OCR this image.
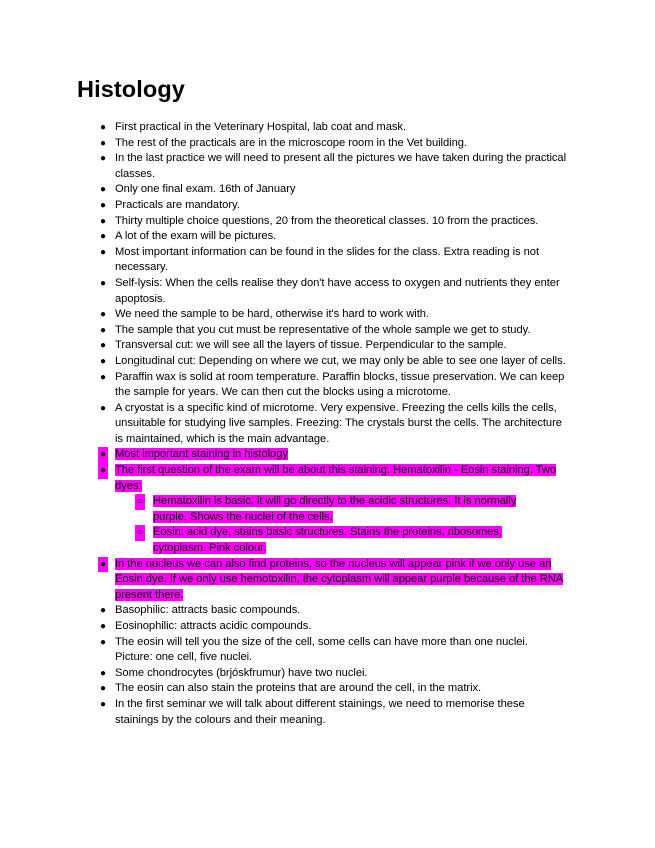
Histology
● First practical in the Veterinary Hospital, lab coat and mask.
● The rest of the practicals are in the microscope room in the Vet building.
● In the last practice we will need to present all the pictures we have taken during the practical classes.
● Only one final exam. 16th of January
● Practicals are mandatory.
● Thirty multiple choice questions, 20 from the theoretical classes. 10 from the practices.
● A lot of the exam will be pictures.
● Most important information can be found in the slides for the class. Extra reading is not necessary.
● Self-lysis: When the cells realise they don't have access to oxygen and nutrients they enter apoptosis.
● We need the sample to be hard, otherwise it's hard to work with.
● The sample that you cut must be representative of the whole sample we get to study.
● Transversal cut: we will see all the layers of tissue. Perpendicular to the sample.
● Longitudinal cut: Depending on where we cut, we may only be able to see one layer of cells.
● Paraffin wax is solid at room temperature. Paraffin blocks, tissue preservation. We can keep the sample for years. We can then cut the blocks using a microtome.
● A cryostat is a specific kind of microtome. Very expensive. Freezing the cells kills the cells, unsuitable for studying live samples. Freezing: The crystals burst the cells. The architecture is maintained, which is the main advantage.
● Most important staining in histology
● The first question of the exam will be about this staining. Hematoxilin - Eosin staining. Two dyes:
○ Hematoxilin is basic, it will go directly to the acidic structures. It is normally purple. Shows the nuclei of the cells.
○ Eosin: acid dye, stains basic structures. Stains the proteins, ribosomes, cytoplasm. Pink colour.
● In the nucleus we can also find proteins, so the nucleus will appear pink if we only use an Eosin dye. If we only use hemotoxilin, the cytoplasm will appear purple because of the RNA present there.
● Basophilic: attracts basic compounds.
● Eosinophilic: attracts acidic compounds.
● The eosin will tell you the size of the cell, some cells can have more than one nuclei. Picture: one cell, five nuclei.
● Some chondrocytes (brjóskfrumur) have two nuclei.
● The eosin can also stain the proteins that are around the cell, in the matrix.
● In the first seminar we will talk about different stainings, we need to memorise these stainings by the colours and their meaning.
